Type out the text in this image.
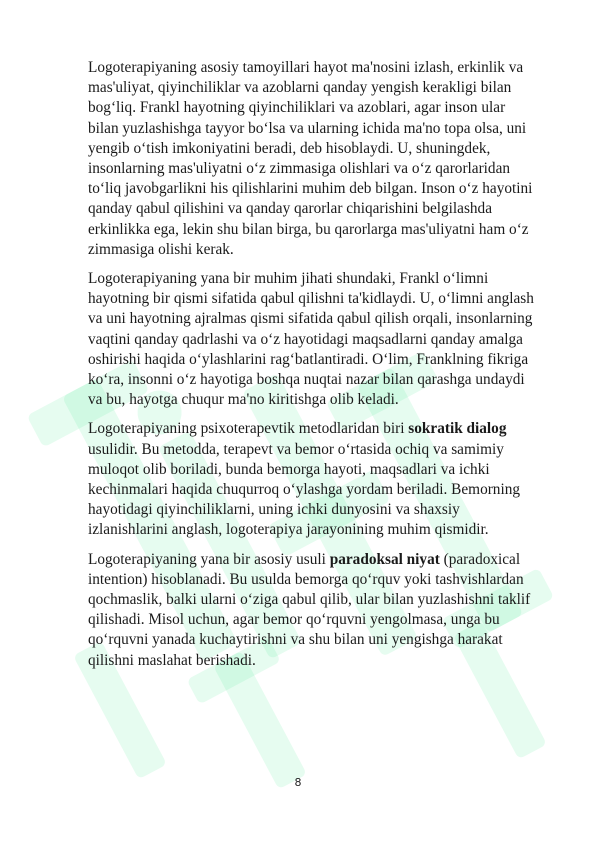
Logoterapiyaning asosiy tamoyillari hayot ma'nosini izlash, erkinlik va mas'uliyat, qiyinchiliklar va azoblarni qanday yengish kerakligi bilan bog‘liq. Frankl hayotning qiyinchiliklari va azoblari, agar inson ular bilan yuzlashishga tayyor bo‘lsa va ularning ichida ma'no topa olsa, uni yengib o‘tish imkoniyatini beradi, deb hisoblaydi. U, shuningdek, insonlarning mas'uliyatni o‘z zimmasiga olishlari va o‘z qarorlaridan to‘liq javobgarlikni his qilishlarini muhim deb bilgan. Inson o‘z hayotini qanday qabul qilishini va qanday qarorlar chiqarishini belgilashda erkinlikka ega, lekin shu bilan birga, bu qarorlarga mas'uliyatni ham o‘z zimmasiga olishi kerak.

Logoterapiyaning yana bir muhim jihati shundaki, Frankl o‘limni hayotning bir qismi sifatida qabul qilishni ta'kidlaydi. U, o‘limni anglash va uni hayotning ajralmas qismi sifatida qabul qilish orqali, insonlarning vaqtini qanday qadrlashi va o‘z hayotidagi maqsadlarni qanday amalga oshirishi haqida o‘ylashlarini rag‘batlantiradi. O‘lim, Franklning fikriga ko‘ra, insonni o‘z hayotiga boshqa nuqtai nazar bilan qarashga undaydi va bu, hayotga chuqur ma'no kiritishga olib keladi.

Logoterapiyaning psixoterapevtik metodlaridan biri sokratik dialog usulidir. Bu metodda, terapevt va bemor o‘rtasida ochiq va samimiy muloqot olib boriladi, bunda bemorga hayoti, maqsadlari va ichki kechinmalari haqida chuqurroq o‘ylashga yordam beriladi. Bemorning hayotidagi qiyinchiliklarni, uning ichki dunyosini va shaxsiy izlanishlarini anglash, logoterapiya jarayonining muhim qismidir.

Logoterapiyaning yana bir asosiy usuli paradoksal niyat (paradoxical intention) hisoblanadi. Bu usulda bemorga qo‘rquv yoki tashvishlardan qochmaslik, balki ularni o‘ziga qabul qilib, ular bilan yuzlashishni taklif qilishadi. Misol uchun, agar bemor qo‘rquvni yengolmasa, unga bu qo‘rquvni yanada kuchaytirishni va shu bilan uni yengishga harakat qilishni maslahat berishadi.

8
